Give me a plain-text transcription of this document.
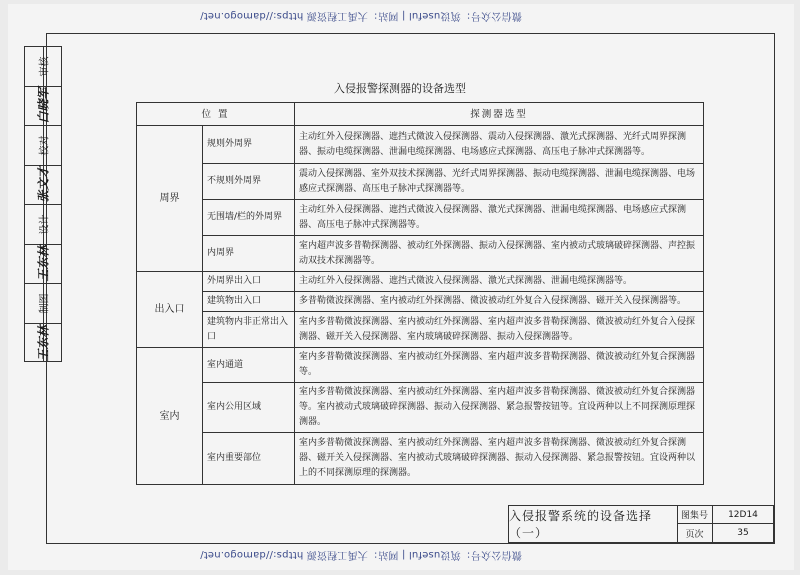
微信公众号：筑设useful | 网站：大禹工程资源 https://damogo.net/
微信公众号：筑设useful | 网站：大禹工程资源 https://damogo.net/
审核
白晓军
校对
张文才
设计
王东林
制图
王东林
入侵报警探测器的设备选型
位 置		探测器选型
周界	规则外周界	主动红外入侵探测器、遮挡式微波入侵探测器、震动入侵探测器、激光式探测器、光纤式周界探测器、振动电缆探测器、泄漏电缆探测器、电场感应式探测器、高压电子脉冲式探测器等。
	不规则外周界	震动入侵探测器、室外双技术探测器、光纤式周界探测器、振动电缆探测器、泄漏电缆探测器、电场感应式探测器、高压电子脉冲式探测器等。
	无围墙/栏的外周界	主动红外入侵探测器、遮挡式微波入侵探测器、激光式探测器、泄漏电缆探测器、电场感应式探测器、高压电子脉冲式探测器等。
	内周界	室内超声波多普勒探测器、被动红外探测器、振动入侵探测器、室内被动式玻璃破碎探测器、声控振动双技术探测器等。
出入口	外周界出入口	主动红外入侵探测器、遮挡式微波入侵探测器、激光式探测器、泄漏电缆探测器等。
	建筑物出入口	多普勒微波探测器、室内被动红外探测器、微波被动红外复合入侵探测器、磁开关入侵探测器等。
	建筑物内非正常出入口	室内多普勒微波探测器、室内被动红外探测器、室内超声波多普勒探测器、微波被动红外复合入侵探测器、磁开关入侵探测器、室内玻璃破碎探测器、振动入侵探测器等。
室内	室内通道	室内多普勒微波探测器、室内被动红外探测器、室内超声波多普勒探测器、微波被动红外复合探测器等。
	室内公用区域	室内多普勒微波探测器、室内被动红外探测器、室内超声波多普勒探测器、微波被动红外复合探测器等。室内被动式玻璃破碎探测器、振动入侵探测器、紧急报警按钮等。宜设两种以上不同探测原理探测器。
	室内重要部位	室内多普勒微波探测器、室内被动红外探测器、室内超声波多普勒探测器、微波被动红外复合探测器、磁开关入侵探测器、室内被动式玻璃破碎探测器、振动入侵探测器、紧急报警按钮。宜设两种以上的不同探测原理的探测器。
入侵报警系统的设备选择（一）
图集号	12D14
页次	35
